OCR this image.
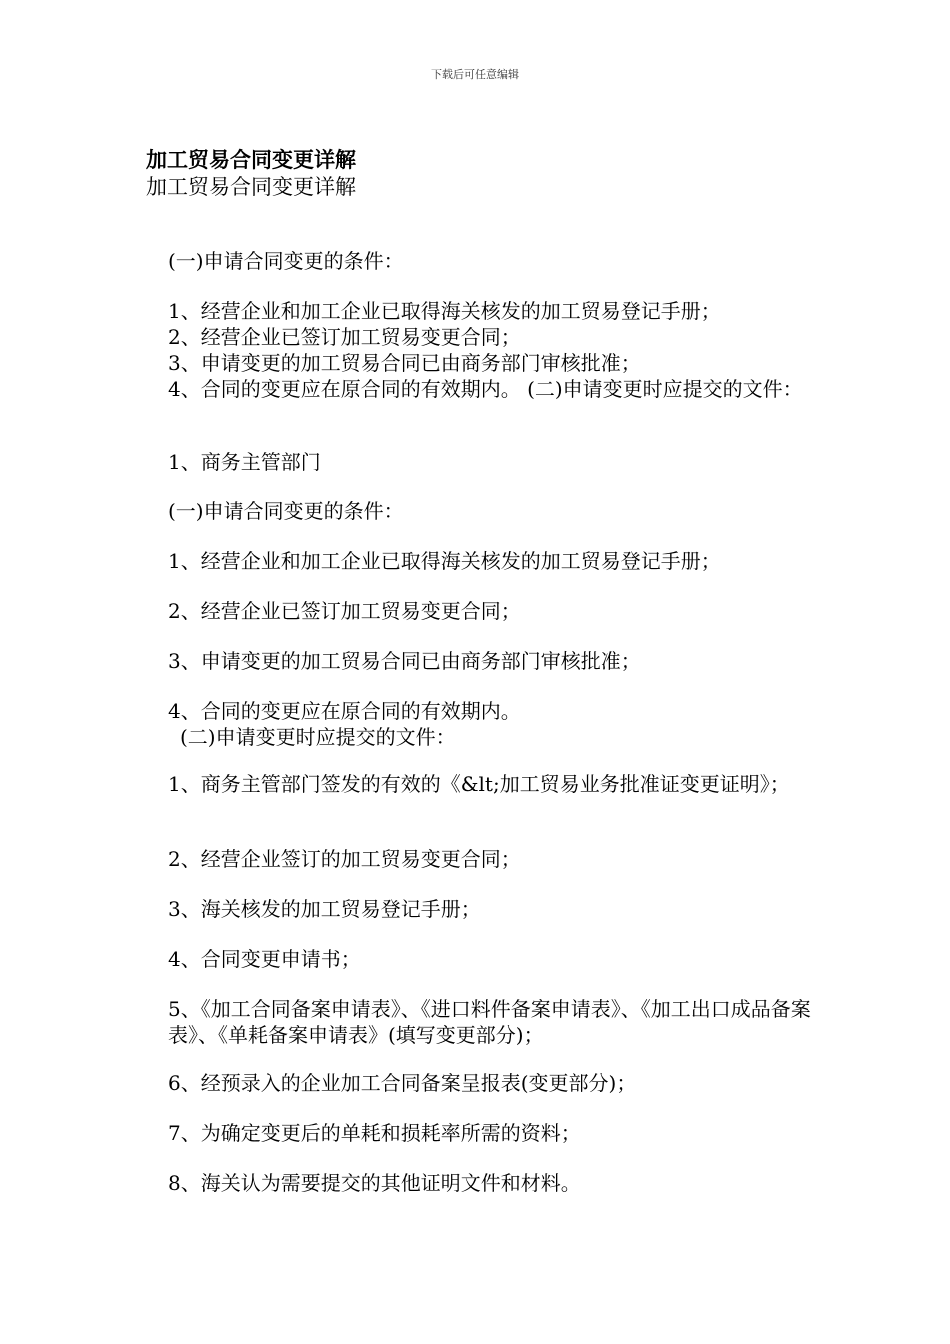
下载后可任意编辑
加工贸易合同变更详解
加工贸易合同变更详解
(一)申请合同变更的条件：
1、经营企业和加工企业已取得海关核发的加工贸易登记手册；
2、经营企业已签订加工贸易变更合同；
3、申请变更的加工贸易合同已由商务部门审核批准；
4、合同的变更应在原合同的有效期内。 (二)申请变更时应提交的文件：
1、商务主管部门
(一)申请合同变更的条件：
1、经营企业和加工企业已取得海关核发的加工贸易登记手册；
2、经营企业已签订加工贸易变更合同；
3、申请变更的加工贸易合同已由商务部门审核批准；
4、合同的变更应在原合同的有效期内。
(二)申请变更时应提交的文件：
1、商务主管部门签发的有效的《&lt;加工贸易业务批准证变更证明》；
2、经营企业签订的加工贸易变更合同；
3、海关核发的加工贸易登记手册；
4、合同变更申请书；
5、《加工合同备案申请表》、《进口料件备案申请表》、《加工出口成品备案表》、《单耗备案申请表》(填写变更部分)；
6、经预录入的企业加工合同备案呈报表(变更部分)；
7、为确定变更后的单耗和损耗率所需的资料；
8、海关认为需要提交的其他证明文件和材料。
